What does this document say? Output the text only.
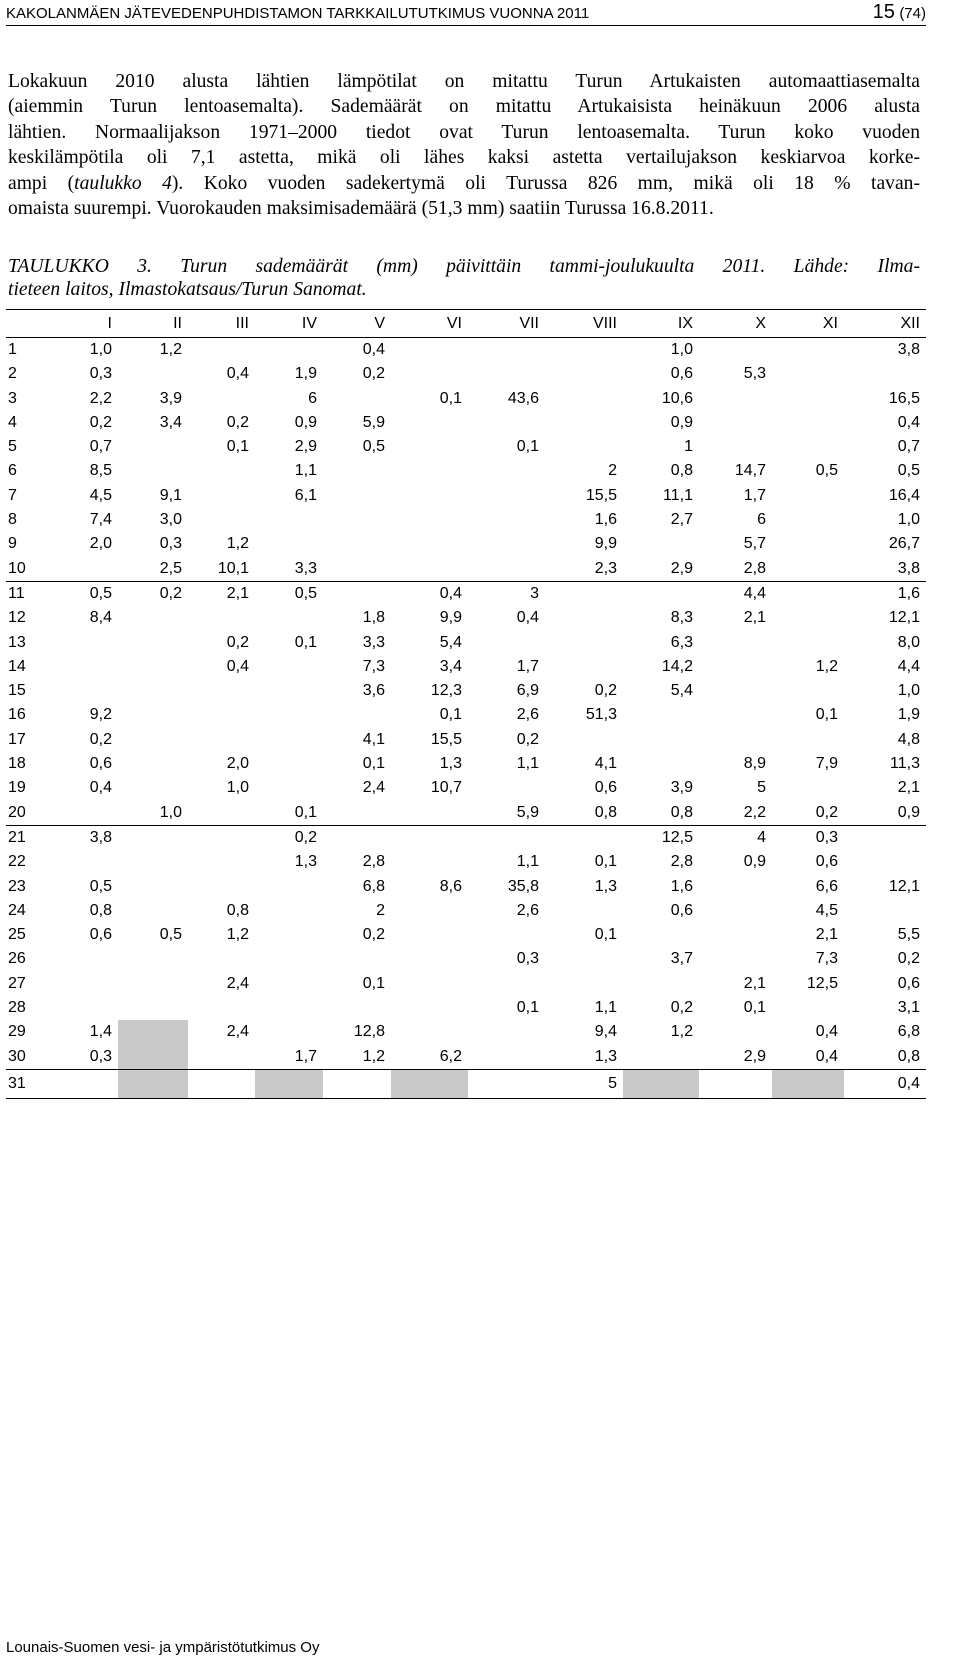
KAKOLANMÄEN JÄTEVEDENPUHDISTAMON TARKKAILUTUTKIMUS VUONNA 2011	15 (74)
Lokakuun 2010 alusta lähtien lämpötilat on mitattu Turun Artukaisten automaattiasemalta
(aiemmin Turun lentoasemalta). Sademäärät on mitattu Artukaisista heinäkuun 2006 alusta
lähtien. Normaalijakson 1971–2000 tiedot ovat Turun lentoasemalta. Turun koko vuoden
keskilämpötila oli 7,1 astetta, mikä oli lähes kaksi astetta vertailujakson keskiarvoa korke-
ampi (taulukko 4). Koko vuoden sadekertymä oli Turussa 826 mm, mikä oli 18 % tavan-
omaista suurempi. Vuorokauden maksimisademäärä (51,3 mm) saatiin Turussa 16.8.2011.
TAULUKKO 3. Turun sademäärät (mm) päivittäin tammi-joulukuulta 2011. Lähde: Ilma-
tieteen laitos, Ilmastokatsaus/Turun Sanomat.
	I	II	III	IV	V	VI	VII	VIII	IX	X	XI	XII
1	1,0	1,2			0,4				1,0			3,8
2	0,3		0,4	1,9	0,2				0,6	5,3		
3	2,2	3,9		6		0,1	43,6		10,6			16,5
4	0,2	3,4	0,2	0,9	5,9				0,9			0,4
5	0,7		0,1	2,9	0,5		0,1		1			0,7
6	8,5			1,1				2	0,8	14,7	0,5	0,5
7	4,5	9,1		6,1				15,5	11,1	1,7		16,4
8	7,4	3,0						1,6	2,7	6		1,0
9	2,0	0,3	1,2					9,9		5,7		26,7
10		2,5	10,1	3,3				2,3	2,9	2,8		3,8
11	0,5	0,2	2,1	0,5		0,4	3			4,4		1,6
12	8,4				1,8	9,9	0,4		8,3	2,1		12,1
13			0,2	0,1	3,3	5,4			6,3			8,0
14			0,4		7,3	3,4	1,7		14,2		1,2	4,4
15					3,6	12,3	6,9	0,2	5,4			1,0
16	9,2					0,1	2,6	51,3			0,1	1,9
17	0,2				4,1	15,5	0,2					4,8
18	0,6		2,0		0,1	1,3	1,1	4,1		8,9	7,9	11,3
19	0,4		1,0		2,4	10,7		0,6	3,9	5		2,1
20		1,0		0,1			5,9	0,8	0,8	2,2	0,2	0,9
21	3,8			0,2					12,5	4	0,3	
22				1,3	2,8		1,1	0,1	2,8	0,9	0,6	
23	0,5				6,8	8,6	35,8	1,3	1,6		6,6	12,1
24	0,8		0,8		2		2,6		0,6		4,5	
25	0,6	0,5	1,2		0,2			0,1			2,1	5,5
26							0,3		3,7		7,3	0,2
27			2,4		0,1					2,1	12,5	0,6
28							0,1	1,1	0,2	0,1		3,1
29	1,4		2,4		12,8			9,4	1,2		0,4	6,8
30	0,3			1,7	1,2	6,2		1,3		2,9	0,4	0,8
31								5				0,4
Lounais-Suomen vesi- ja ympäristötutkimus Oy
